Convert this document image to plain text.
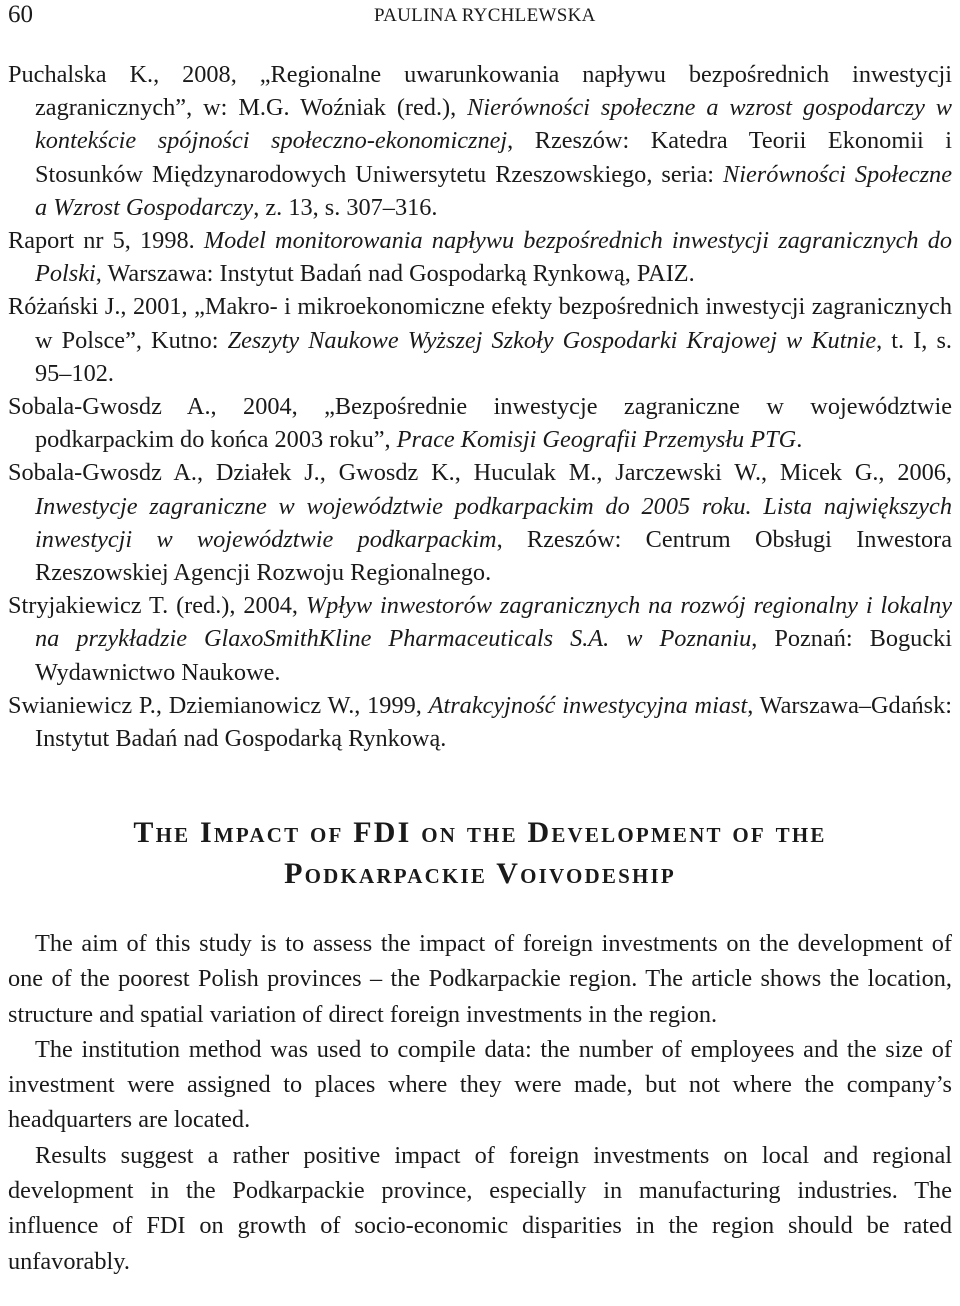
60	PAULINA RYCHLEWSKA

Puchalska K., 2008, „Regionalne uwarunkowania napływu bezpośrednich inwestycji zagranicznych”, w: M.G. Woźniak (red.), Nierówności społeczne a wzrost gospodarczy w kontekście spójności społeczno-ekonomicznej, Rzeszów: Katedra Teorii Ekonomii i Stosunków Międzynarodowych Uniwersytetu Rzeszowskiego, seria: Nierówności Społeczne a Wzrost Gospodarczy, z. 13, s. 307–316.

Raport nr 5, 1998. Model monitorowania napływu bezpośrednich inwestycji zagranicznych do Polski, Warszawa: Instytut Badań nad Gospodarką Rynkową, PAIZ.

Różański J., 2001, „Makro- i mikroekonomiczne efekty bezpośrednich inwestycji zagranicznych w Polsce”, Kutno: Zeszyty Naukowe Wyższej Szkoły Gospodarki Krajowej w Kutnie, t. I, s. 95–102.

Sobala-Gwosdz A., 2004, „Bezpośrednie inwestycje zagraniczne w województwie podkarpackim do końca 2003 roku”, Prace Komisji Geografii Przemysłu PTG.

Sobala-Gwosdz A., Działek J., Gwosdz K., Huculak M., Jarczewski W., Micek G., 2006, Inwestycje zagraniczne w województwie podkarpackim do 2005 roku. Lista największych inwestycji w województwie podkarpackim, Rzeszów: Centrum Obsługi Inwestora Rzeszowskiej Agencji Rozwoju Regionalnego.

Stryjakiewicz T. (red.), 2004, Wpływ inwestorów zagranicznych na rozwój regionalny i lokalny na przykładzie GlaxoSmithKline Pharmaceuticals S.A. w Poznaniu, Poznań: Bogucki Wydawnictwo Naukowe.

Swianiewicz P., Dziemianowicz W., 1999, Atrakcyjność inwestycyjna miast, Warszawa–Gdańsk: Instytut Badań nad Gospodarką Rynkową.

The Impact of FDI on the Development of the
Podkarpackie Voivodeship

The aim of this study is to assess the impact of foreign investments on the development of one of the poorest Polish provinces – the Podkarpackie region. The article shows the location, structure and spatial variation of direct foreign investments in the region.

The institution method was used to compile data: the number of employees and the size of investment were assigned to places where they were made, but not where the company’s headquarters are located.

Results suggest a rather positive impact of foreign investments on local and regional development in the Podkarpackie province, especially in manufacturing industries. The influence of FDI on growth of socio-economic disparities in the region should be rated unfavorably.
